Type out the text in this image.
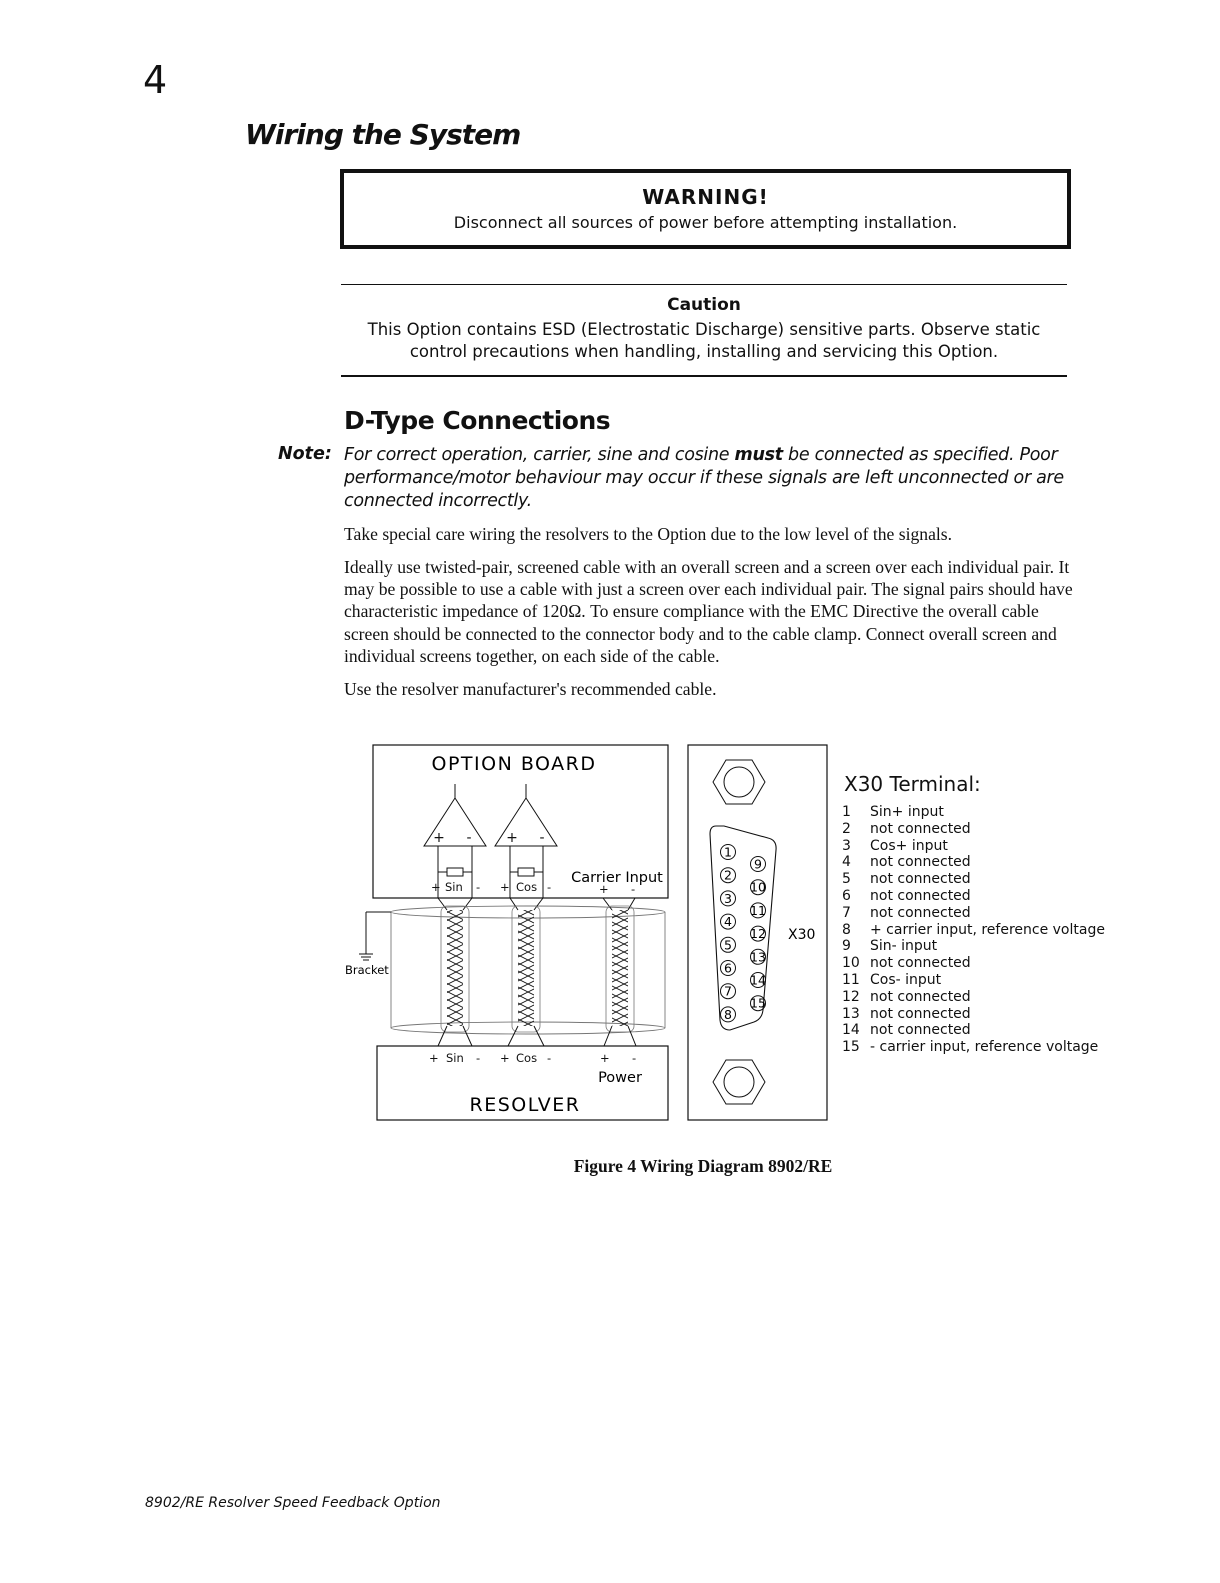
4
Wiring the System
WARNING!
Disconnect all sources of power before attempting installation.
Caution
This Option contains ESD (Electrostatic Discharge) sensitive parts. Observe static control precautions when handling, installing and servicing this Option.
D-Type Connections
Note: For correct operation, carrier, sine and cosine must be connected as specified. Poor performance/motor behaviour may occur if these signals are left unconnected or are connected incorrectly.
Take special care wiring the resolvers to the Option due to the low level of the signals.
Ideally use twisted-pair, screened cable with an overall screen and a screen over each individual pair. It may be possible to use a cable with just a screen over each individual pair. The signal pairs should have characteristic impedance of 120Ω. To ensure compliance with the EMC Directive the overall cable screen should be connected to the connector body and to the cable clamp. Connect overall screen and individual screens together, on each side of the cable.
Use the resolver manufacturer's recommended cable.
OPTION BOARD
+ - + -
+ Sin - + Cos -	+ -
Carrier Input
Bracket
+ Sin - + Cos -	+ -
Power
RESOLVER
1
2
3
4
5
6
7
8
9
10
11
12
13
14
15
X30
X30 Terminal:
1 Sin+ input
2 not connected
3 Cos+ input
4 not connected
5 not connected
6 not connected
7 not connected
8 + carrier input, reference voltage
9 Sin- input
10 not connected
11 Cos- input
12 not connected
13 not connected
14 not connected
15 - carrier input, reference voltage
Figure 4 Wiring Diagram 8902/RE
8902/RE Resolver Speed Feedback Option
